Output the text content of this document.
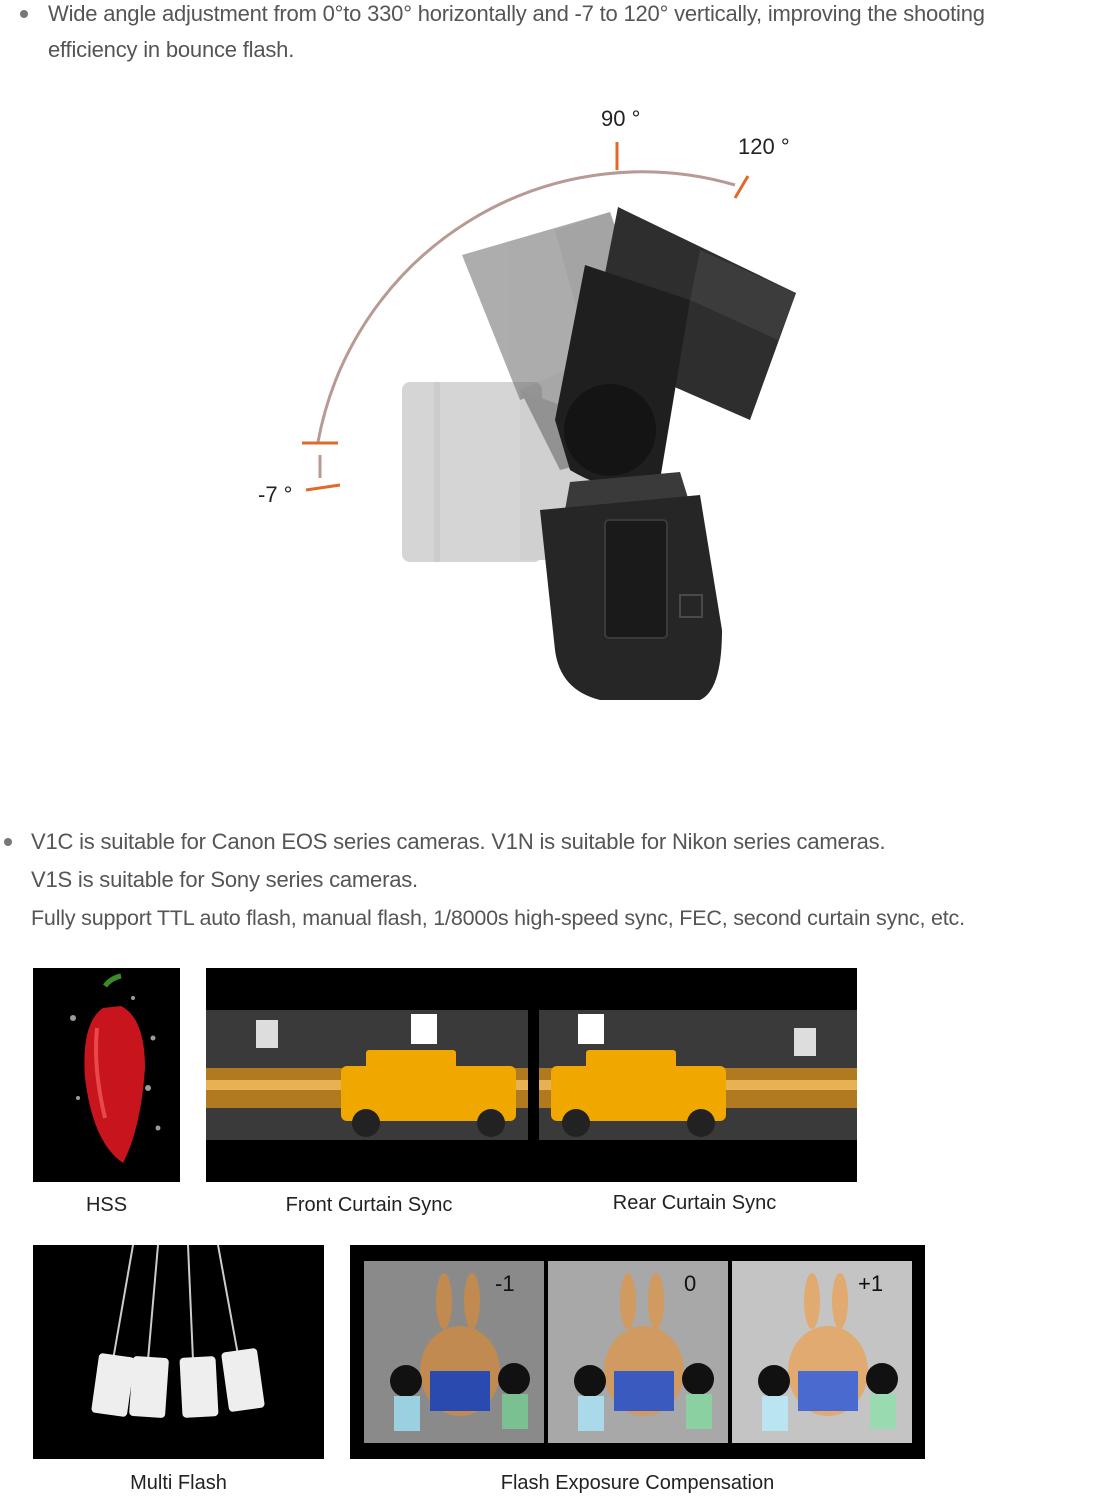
Wide angle adjustment from 0°to 330° horizontally and -7 to 120° vertically, improving the shooting
efficiency in bounce flash.
90 °
120 °
-7 °
V1C is suitable for Canon EOS series cameras. V1N is suitable for Nikon series cameras.
V1S is suitable for Sony series cameras.
Fully support TTL auto flash, manual flash, 1/8000s high-speed sync, FEC, second curtain sync, etc.
HSS	Front Curtain Sync	Rear Curtain Sync
Multi Flash
-1	0	+1
Flash Exposure Compensation
